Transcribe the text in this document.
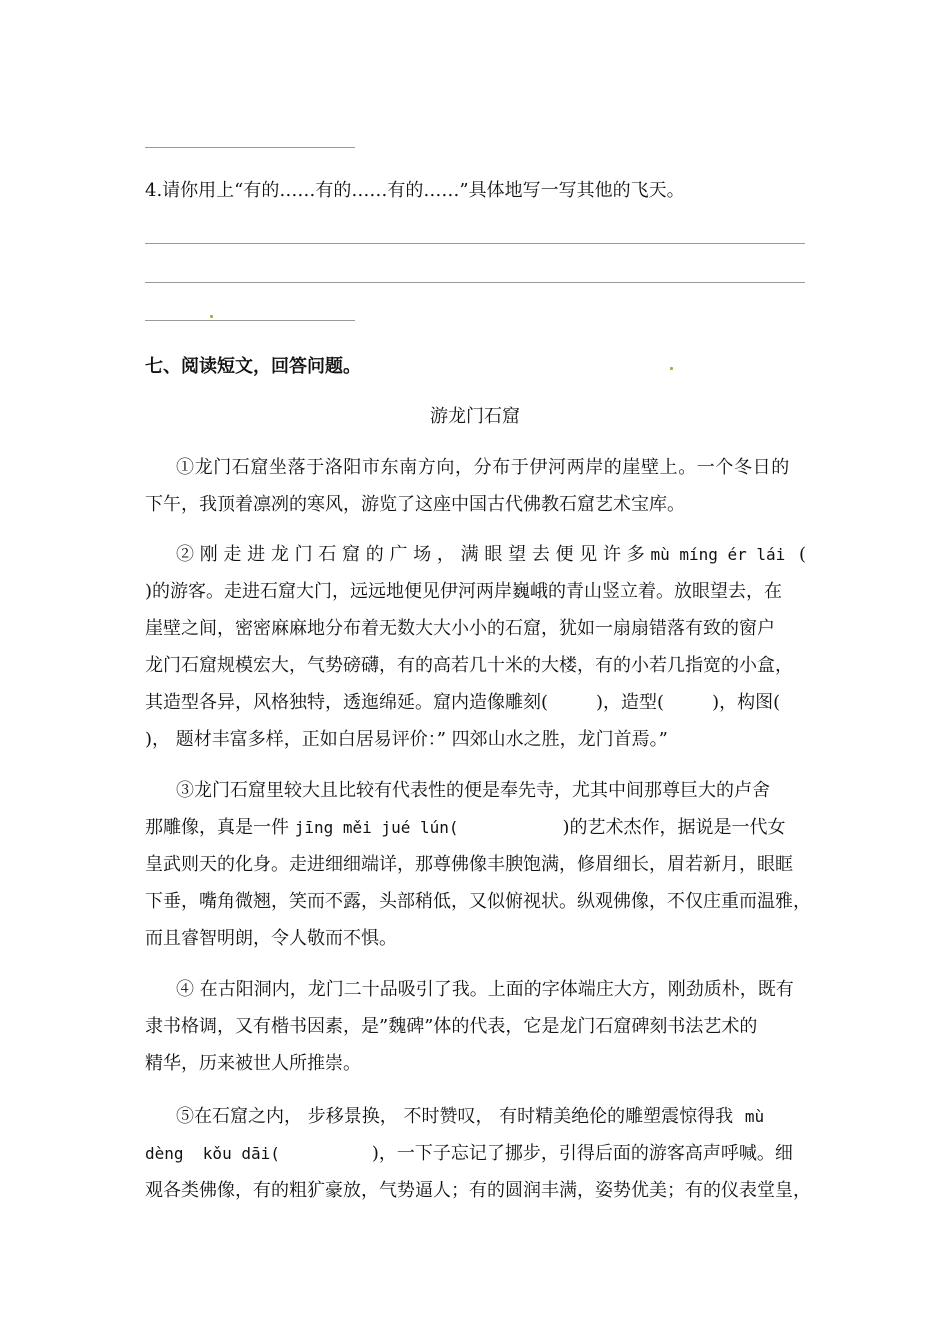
4.请你用上“有的……有的……有的……”具体地写一写其他的飞天。
七、阅读短文，回答问题。
游龙门石窟
①龙门石窟坐落于洛阳市东南方向，分布于伊河两岸的崖壁上。一个冬日的
下午，我顶着凛冽的寒风，游览了这座中国古代佛教石窟艺术宝库。
② 刚 走 进 龙 门 石 窟 的 广 场 ， 满 眼 望 去 便 见 许 多 mù míng ér lái (
)的游客。走进石窟大门，远远地便见伊河两岸巍峨的青山竖立着。放眼望去，在
崖壁之间，密密麻麻地分布着无数大大小小的石窟，犹如一扇扇错落有致的窗户
龙门石窟规模宏大，气势磅礴，有的高若几十米的大楼，有的小若几指宽的小盒，
其造型各异，风格独特，透迤绵延。窟内造像雕刻(	)，造型(	)，构图(
)， 题材丰富多样，正如白居易评价：” 四郊山水之胜，龙门首焉。”
③龙门石窟里较大且比较有代表性的便是奉先寺，尤其中间那尊巨大的卢舍
那雕像，真是一件 jīng měi jué lún(	)的艺术杰作，据说是一代女
皇武则天的化身。走进细细端详，那尊佛像丰腴饱满，修眉细长，眉若新月，眼眶
下垂，嘴角微翘，笑而不露，头部稍低，又似俯视状。纵观佛像，不仅庄重而温雅，
而且睿智明朗，令人敬而不惧。
④ 在古阳洞内，龙门二十品吸引了我。上面的字体端庄大方，刚劲质朴，既有
隶书格调，又有楷书因素，是”魏碑”体的代表，它是龙门石窟碑刻书法艺术的
精华，历来被世人所推崇。
⑤在石窟之内， 步移景换， 不时赞叹， 有时精美绝伦的雕塑震惊得我 mù
dèng  kǒu dāi(	)，一下子忘记了挪步，引得后面的游客高声呼喊。细
观各类佛像，有的粗犷豪放，气势逼人；有的圆润丰满，姿势优美；有的仪表堂皇，
